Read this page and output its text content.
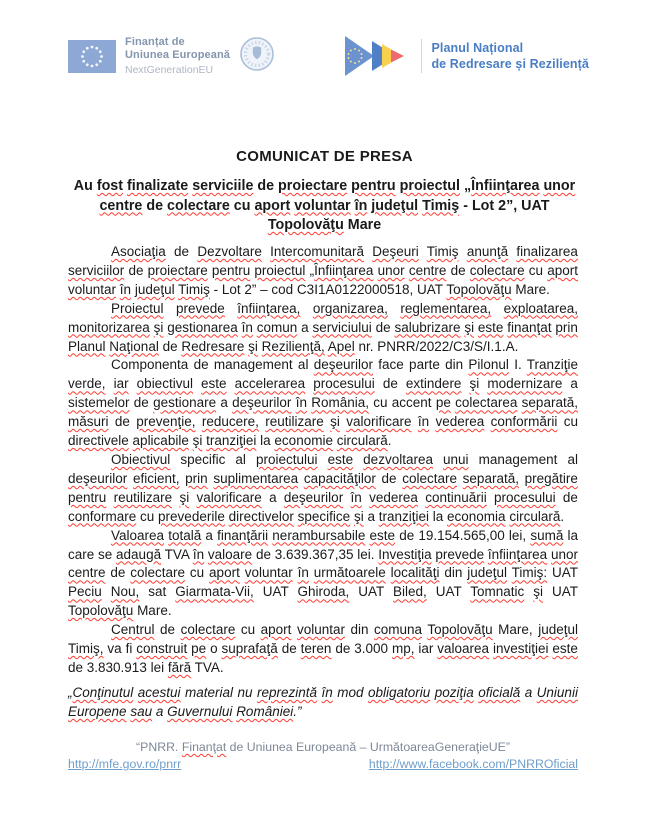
Finanțat de
Uniunea Europeană
NextGenerationEU
Planul Național
de Redresare și Reziliență
COMUNICAT DE PRESA
Au fost finalizate serviciile de proiectare pentru proiectul „Înfiinţarea unor centre de colectare cu aport voluntar în judeţul Timiş - Lot 2”, UAT Topolovăţu Mare

Asociaţia de Dezvoltare Intercomunitară Deşeuri Timiş anunţă finalizarea serviciilor de proiectare pentru proiectul „Înfiinţarea unor centre de colectare cu aport voluntar în judeţul Timiş - Lot 2” – cod C3I1A0122000518, UAT Topolovăţu Mare.

Proiectul prevede înfiinţarea, organizarea, reglementarea, exploatarea, monitorizarea şi gestionarea în comun a serviciului de salubrizare şi este finanţat prin Planul Naţional de Redresare şi Rezilienţă, Apel nr. PNRR/2022/C3/S/I.1.A.

Componenta de management al deşeurilor face parte din Pilonul I. Tranziţie verde, iar obiectivul este accelerarea procesului de extindere şi modernizare a sistemelor de gestionare a deşeurilor în România, cu accent pe colectarea separată, măsuri de prevenţie, reducere, reutilizare şi valorificare în vederea conformării cu directivele aplicabile şi tranziţiei la economie circulară.

Obiectivul specific al proiectului este dezvoltarea unui management al deşeurilor eficient, prin suplimentarea capacităţilor de colectare separată, pregătire pentru reutilizare şi valorificare a deşeurilor în vederea continuării procesului de conformare cu prevederile directivelor specifice şi a tranziţiei la economia circulară.

Valoarea totală a finanţării nerambursabile este de 19.154.565,00 lei, sumă la care se adaugă TVA în valoare de 3.639.367,35 lei. Investiţia prevede înfiinţarea unor centre de colectare cu aport voluntar în următoarele localităţi din judeţul Timiş: UAT Peciu Nou, sat Giarmata-Vii, UAT Ghiroda, UAT Biled, UAT Tomnatic şi UAT Topolovăţu Mare.

Centrul de colectare cu aport voluntar din comuna Topolovăţu Mare, judeţul Timiş, va fi construit pe o suprafaţă de teren de 3.000 mp, iar valoarea investiţiei este de 3.830.913 lei fără TVA.

„Conţinutul acestui material nu reprezintă în mod obligatoriu poziţia oficială a Uniunii Europene sau a Guvernului României.”

“PNRR. Finanţat de Uniunea Europeană – UrmătoareaGeneraţieUE”
http://mfe.gov.ro/pnrr	http://www.facebook.com/PNRROficial
